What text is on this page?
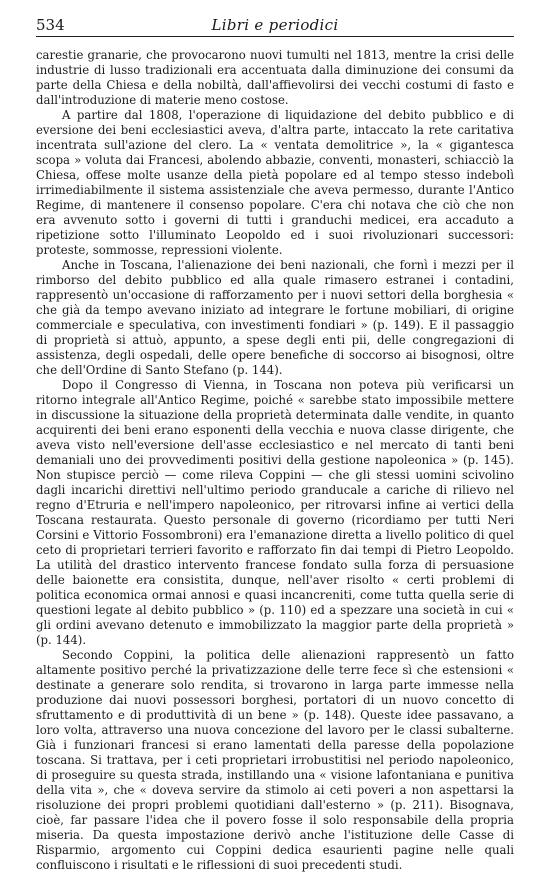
534	Libri e periodici

carestie granarie, che provocarono nuovi tumulti nel 1813, mentre la crisi delle industrie di lusso tradizionali era accentuata dalla diminuzione dei consumi da parte della Chiesa e della nobiltà, dall'affievolirsi dei vecchi costumi di fasto e dall'introduzione di materie meno costose.

A partire dal 1808, l'operazione di liquidazione del debito pubblico e di eversione dei beni ecclesiastici aveva, d'altra parte, intaccato la rete caritativa incentrata sull'azione del clero. La « ventata demolitrice », la « gigantesca scopa » voluta dai Francesi, abolendo abbazie, conventi, monasteri, schiacciò la Chiesa, offese molte usanze della pietà popolare ed al tempo stesso indebolì irrimediabilmente il sistema assistenziale che aveva permesso, durante l'Antico Regime, di mantenere il consenso popolare. C'era chi notava che ciò che non era avvenuto sotto i governi di tutti i granduchi medicei, era accaduto a ripetizione sotto l'illuminato Leopoldo ed i suoi rivoluzionari successori: proteste, sommosse, repressioni violente.

Anche in Toscana, l'alienazione dei beni nazionali, che fornì i mezzi per il rimborso del debito pubblico ed alla quale rimasero estranei i contadini, rappresentò un'occasione di rafforzamento per i nuovi settori della borghesia « che già da tempo avevano iniziato ad integrare le fortune mobiliari, di origine commerciale e speculativa, con investimenti fondiari » (p. 149). E il passaggio di proprietà si attuò, appunto, a spese degli enti pii, delle congregazioni di assistenza, degli ospedali, delle opere benefiche di soccorso ai bisognosi, oltre che dell'Ordine di Santo Stefano (p. 144).

Dopo il Congresso di Vienna, in Toscana non poteva più verificarsi un ritorno integrale all'Antico Regime, poiché « sarebbe stato impossibile mettere in discussione la situazione della proprietà determinata dalle vendite, in quanto acquirenti dei beni erano esponenti della vecchia e nuova classe dirigente, che aveva visto nell'eversione dell'asse ecclesiastico e nel mercato di tanti beni demaniali uno dei provvedimenti positivi della gestione napoleonica » (p. 145). Non stupisce perciò — come rileva Coppini — che gli stessi uomini scivolino dagli incarichi direttivi nell'ultimo periodo granducale a cariche di rilievo nel regno d'Etruria e nell'impero napoleonico, per ritrovarsi infine ai vertici della Toscana restaurata. Questo personale di governo (ricordiamo per tutti Neri Corsini e Vittorio Fossombroni) era l'emanazione diretta a livello politico di quel ceto di proprietari terrieri favorito e rafforzato fin dai tempi di Pietro Leopoldo. La utilità del drastico intervento francese fondato sulla forza di persuasione delle baionette era consistita, dunque, nell'aver risolto « certi problemi di politica economica ormai annosi e quasi incancreniti, come tutta quella serie di questioni legate al debito pubblico » (p. 110) ed a spezzare una società in cui « gli ordini avevano detenuto e immobilizzato la maggior parte della proprietà » (p. 144).

Secondo Coppini, la politica delle alienazioni rappresentò un fatto altamente positivo perché la privatizzazione delle terre fece sì che estensioni « destinate a generare solo rendita, si trovarono in larga parte immesse nella produzione dai nuovi possessori borghesi, portatori di un nuovo concetto di sfruttamento e di produttività di un bene » (p. 148). Queste idee passavano, a loro volta, attraverso una nuova concezione del lavoro per le classi subalterne. Già i funzionari francesi si erano lamentati della paresse della popolazione toscana. Si trattava, per i ceti proprietari irrobustitisi nel periodo napoleonico, di proseguire su questa strada, instillando una « visione lafontaniana e punitiva della vita », che « doveva servire da stimolo ai ceti poveri a non aspettarsi la risoluzione dei propri problemi quotidiani dall'esterno » (p. 211). Bisognava, cioè, far passare l'idea che il povero fosse il solo responsabile della propria miseria. Da questa impostazione derivò anche l'istituzione delle Casse di Risparmio, argomento cui Coppini dedica esaurienti pagine nelle quali confluiscono i risultati e le riflessioni di suoi precedenti studi.
